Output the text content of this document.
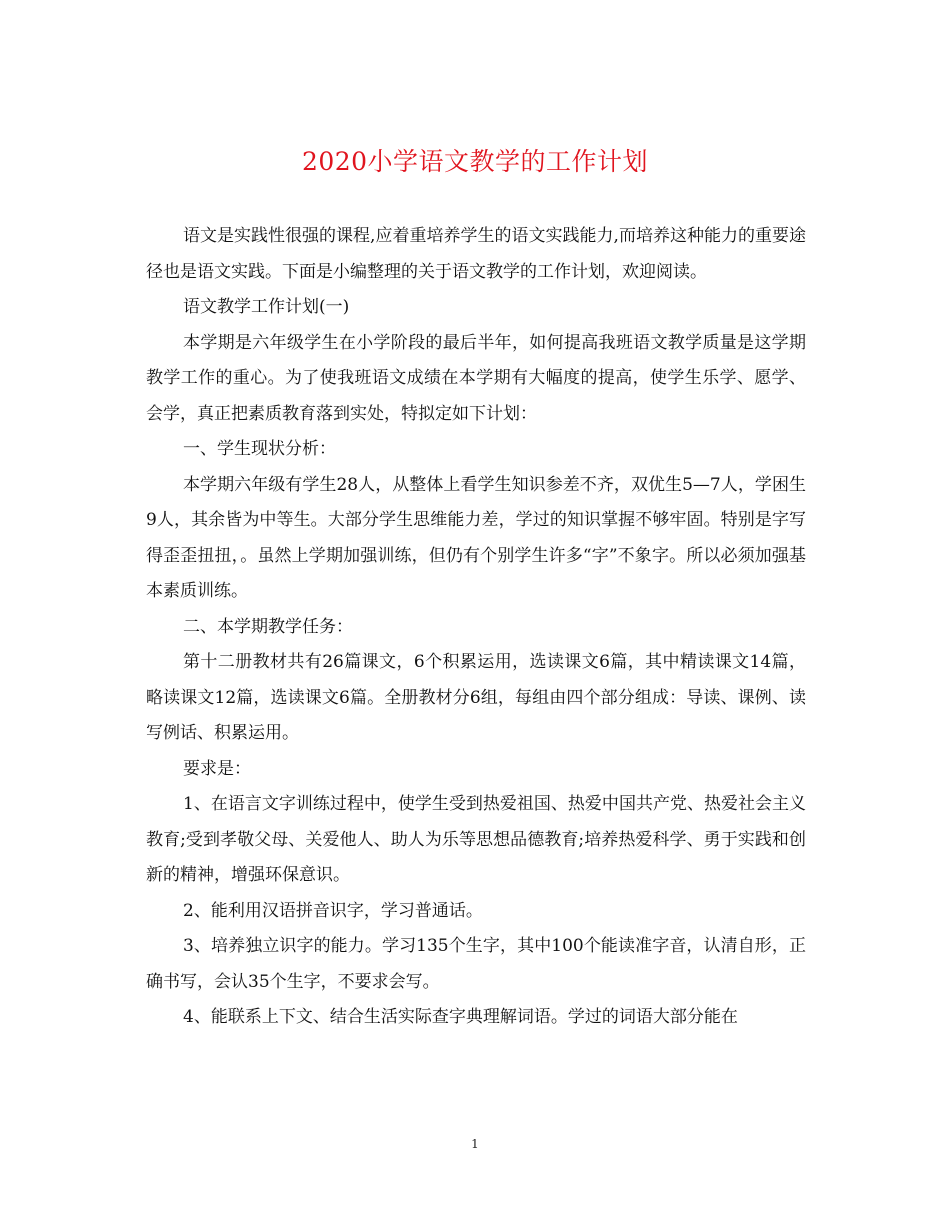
2020小学语文教学的工作计划

语文是实践性很强的课程,应着重培养学生的语文实践能力,而培养这种能力的重要途径也是语文实践。下面是小编整理的关于语文教学的工作计划，欢迎阅读。

语文教学工作计划(一)

本学期是六年级学生在小学阶段的最后半年，如何提高我班语文教学质量是这学期教学工作的重心。为了使我班语文成绩在本学期有大幅度的提高，使学生乐学、愿学、会学，真正把素质教育落到实处，特拟定如下计划：

一、学生现状分析：

本学期六年级有学生28人，从整体上看学生知识参差不齐，双优生5—7人，学困生9人，其余皆为中等生。大部分学生思维能力差，学过的知识掌握不够牢固。特别是字写得歪歪扭扭，。虽然上学期加强训练，但仍有个别学生许多“字”不象字。所以必须加强基本素质训练。

二、本学期教学任务：

第十二册教材共有26篇课文，6个积累运用，选读课文6篇，其中精读课文14篇，略读课文12篇，选读课文6篇。全册教材分6组，每组由四个部分组成：导读、课例、读写例话、积累运用。

要求是：

1、在语言文字训练过程中，使学生受到热爱祖国、热爱中国共产党、热爱社会主义教育;受到孝敬父母、关爱他人、助人为乐等思想品德教育;培养热爱科学、勇于实践和创新的精神，增强环保意识。

2、能利用汉语拼音识字，学习普通话。

3、培养独立识字的能力。学习135个生字，其中100个能读准字音，认清自形，正确书写，会认35个生字，不要求会写。

4、能联系上下文、结合生活实际查字典理解词语。学过的词语大部分能在

1
